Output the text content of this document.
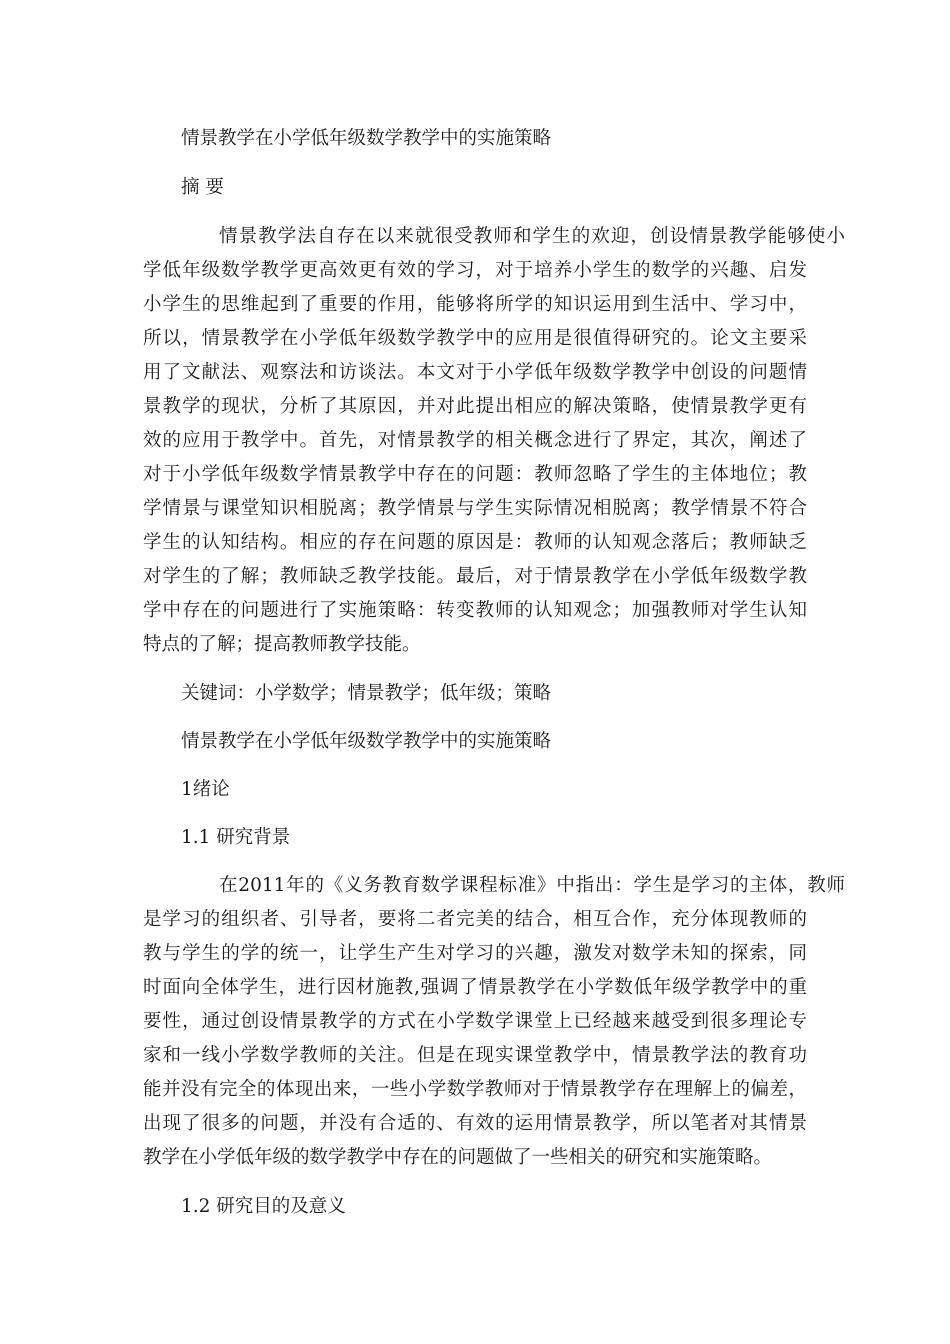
情景教学在小学低年级数学教学中的实施策略

摘 要

情景教学法自存在以来就很受教师和学生的欢迎，创设情景教学能够使小
学低年级数学教学更高效更有效的学习，对于培养小学生的数学的兴趣、启发
小学生的思维起到了重要的作用，能够将所学的知识运用到生活中、学习中，
所以，情景教学在小学低年级数学教学中的应用是很值得研究的。论文主要采
用了文献法、观察法和访谈法。本文对于小学低年级数学教学中创设的问题情
景教学的现状，分析了其原因，并对此提出相应的解决策略，使情景教学更有
效的应用于教学中。首先，对情景教学的相关概念进行了界定，其次，阐述了
对于小学低年级数学情景教学中存在的问题：教师忽略了学生的主体地位；教
学情景与课堂知识相脱离；教学情景与学生实际情况相脱离；教学情景不符合
学生的认知结构。相应的存在问题的原因是：教师的认知观念落后；教师缺乏
对学生的了解；教师缺乏教学技能。最后，对于情景教学在小学低年级数学教
学中存在的问题进行了实施策略：转变教师的认知观念；加强教师对学生认知
特点的了解；提高教师教学技能。

关键词：小学数学；情景教学；低年级；策略

情景教学在小学低年级数学教学中的实施策略

1绪论

1.1 研究背景

在2011年的《义务教育数学课程标准》中指出：学生是学习的主体，教师
是学习的组织者、引导者，要将二者完美的结合，相互合作，充分体现教师的
教与学生的学的统一，让学生产生对学习的兴趣，激发对数学未知的探索，同
时面向全体学生，进行因材施教,强调了情景教学在小学数低年级学教学中的重
要性，通过创设情景教学的方式在小学数学课堂上已经越来越受到很多理论专
家和一线小学数学教师的关注。但是在现实课堂教学中，情景教学法的教育功
能并没有完全的体现出来，一些小学数学教师对于情景教学存在理解上的偏差，
出现了很多的问题，并没有合适的、有效的运用情景教学，所以笔者对其情景
教学在小学低年级的数学教学中存在的问题做了一些相关的研究和实施策略。

1.2 研究目的及意义
